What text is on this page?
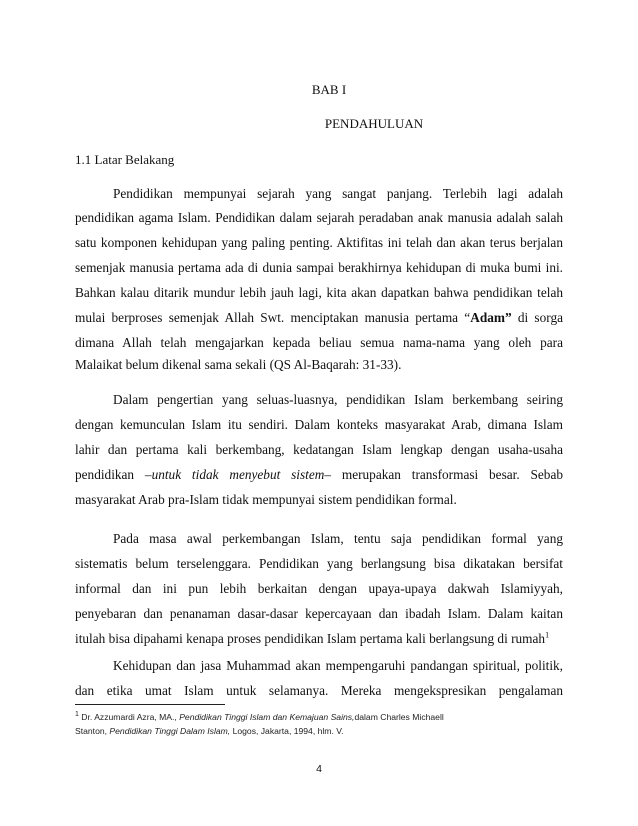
BAB I
PENDAHULUAN
1.1 Latar Belakang
Pendidikan mempunyai sejarah yang sangat panjang. Terlebih lagi adalah
pendidikan agama Islam. Pendidikan dalam sejarah peradaban anak manusia adalah salah
satu komponen kehidupan yang paling penting. Aktifitas ini telah dan akan terus berjalan
semenjak manusia pertama ada di dunia sampai berakhirnya kehidupan di muka bumi ini.
Bahkan kalau ditarik mundur lebih jauh lagi, kita akan dapatkan bahwa pendidikan telah
mulai berproses semenjak Allah Swt. menciptakan manusia pertama “Adam” di sorga
dimana Allah telah mengajarkan kepada beliau semua nama-nama yang oleh para
Malaikat belum dikenal sama sekali (QS Al-Baqarah: 31-33).
Dalam pengertian yang seluas-luasnya, pendidikan Islam berkembang seiring
dengan kemunculan Islam itu sendiri. Dalam konteks masyarakat Arab, dimana Islam
lahir dan pertama kali berkembang, kedatangan Islam lengkap dengan usaha-usaha
pendidikan –untuk tidak menyebut sistem– merupakan transformasi besar. Sebab
masyarakat Arab pra-Islam tidak mempunyai sistem pendidikan formal.
Pada masa awal perkembangan Islam, tentu saja pendidikan formal yang
sistematis belum terselenggara. Pendidikan yang berlangsung bisa dikatakan bersifat
informal dan ini pun lebih berkaitan dengan upaya-upaya dakwah Islamiyyah,
penyebaran dan penanaman dasar-dasar kepercayaan dan ibadah Islam. Dalam kaitan
itulah bisa dipahami kenapa proses pendidikan Islam pertama kali berlangsung di rumah$^1$
$^1$ Dr. Azzumardi Azra, MA., Pendidikan Tinggi Islam dan Kemajuan Sains,dalam Charles Michaell
Stanton, Pendidikan Tinggi Dalam Islam, Logos, Jakarta, 1994, hlm. V.
4
Kehidupan dan jasa Muhammad akan mempengaruhi pandangan spiritual, politik,
dan etika umat Islam untuk selamanya. Mereka mengekspresikan pengalaman
